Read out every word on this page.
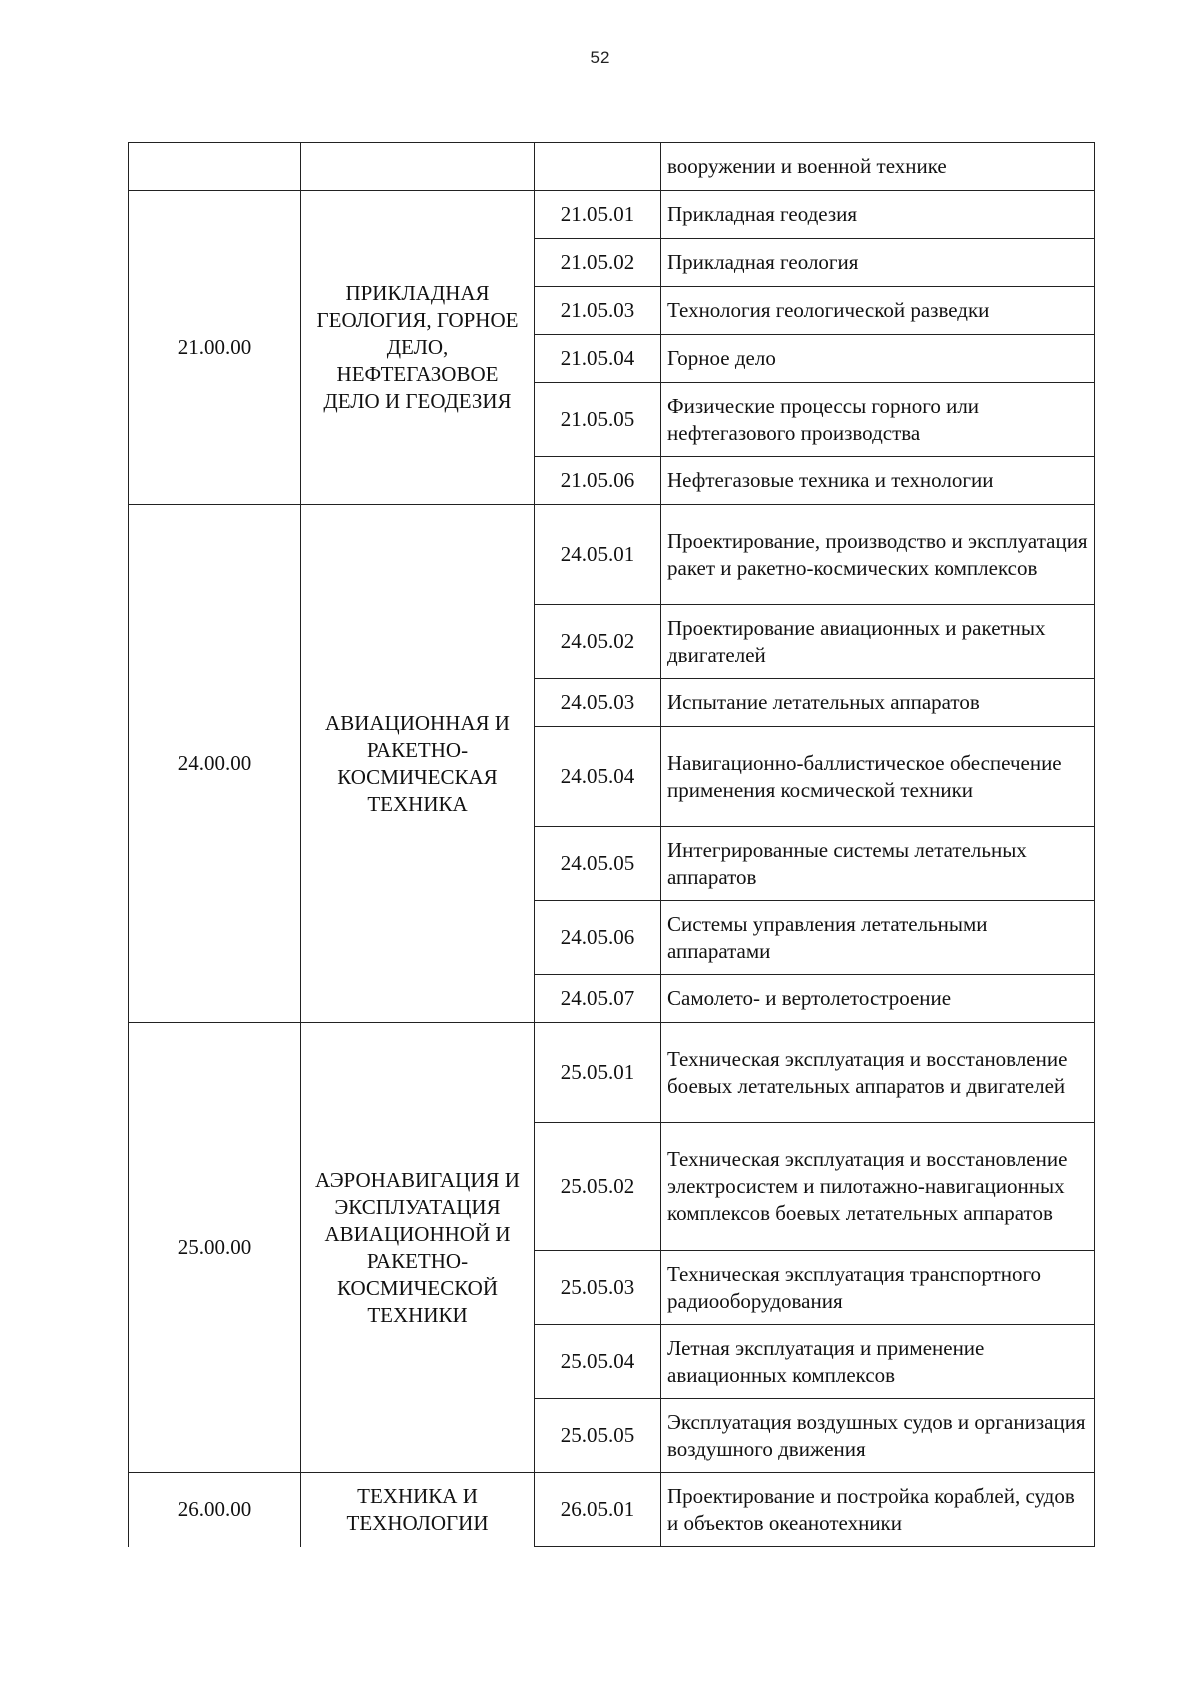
52
			вооружении и военной технике
21.00.00	ПРИКЛАДНАЯ ГЕОЛОГИЯ, ГОРНОЕ ДЕЛО, НЕФТЕГАЗОВОЕ ДЕЛО И ГЕОДЕЗИЯ	21.05.01	Прикладная геодезия
		21.05.02	Прикладная геология
		21.05.03	Технология геологической разведки
		21.05.04	Горное дело
		21.05.05	Физические процессы горного или нефтегазового производства
		21.05.06	Нефтегазовые техника и технологии
24.00.00	АВИАЦИОННАЯ И РАКЕТНО-КОСМИЧЕСКАЯ ТЕХНИКА	24.05.01	Проектирование, производство и эксплуатация ракет и ракетно-космических комплексов
		24.05.02	Проектирование авиационных и ракетных двигателей
		24.05.03	Испытание летательных аппаратов
		24.05.04	Навигационно-баллистическое обеспечение применения космической техники
		24.05.05	Интегрированные системы летательных аппаратов
		24.05.06	Системы управления летательными аппаратами
		24.05.07	Самолето- и вертолетостроение
25.00.00	АЭРОНАВИГАЦИЯ И ЭКСПЛУАТАЦИЯ АВИАЦИОННОЙ И РАКЕТНО-КОСМИЧЕСКОЙ ТЕХНИКИ	25.05.01	Техническая эксплуатация и восстановление боевых летательных аппаратов и двигателей
		25.05.02	Техническая эксплуатация и восстановление электросистем и пилотажно-навигационных комплексов боевых летательных аппаратов
		25.05.03	Техническая эксплуатация транспортного радиооборудования
		25.05.04	Летная эксплуатация и применение авиационных комплексов
		25.05.05	Эксплуатация воздушных судов и организация воздушного движения
26.00.00	ТЕХНИКА И ТЕХНОЛОГИИ	26.05.01	Проектирование и постройка кораблей, судов и объектов океанотехники
